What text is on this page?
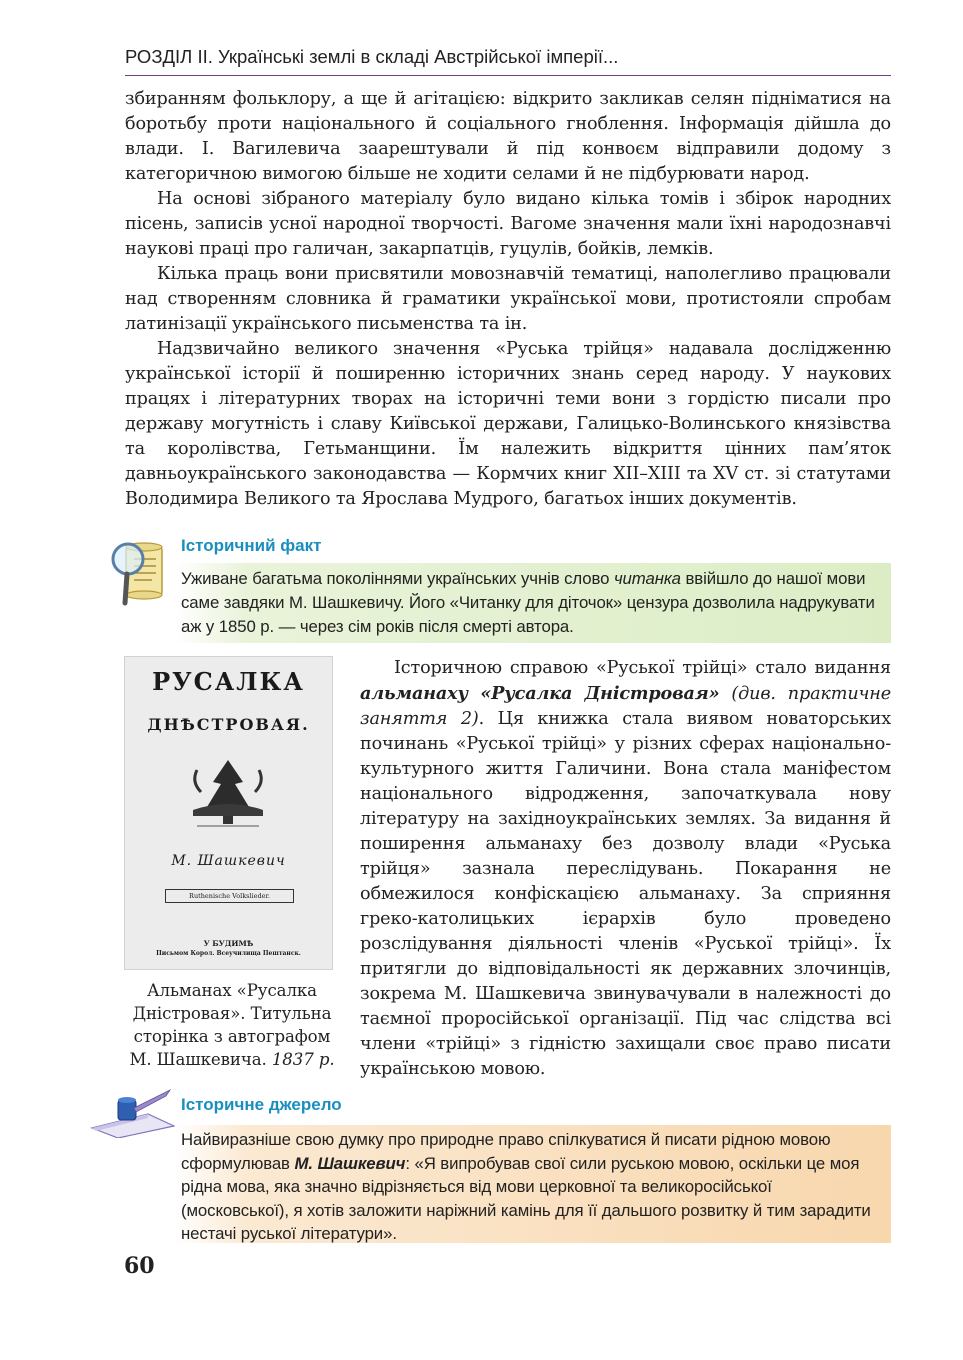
РОЗДІЛ ІІ. Українські землі в складі Австрійської імперії...

збиранням фольклору, а ще й агітацією: відкрито закликав селян підніматися на боротьбу проти національного й соціального гноблення. Інформація дійшла до влади. І. Вагилевича заарештували й під конвоєм відправили додому з категоричною вимогою більше не ходити селами й не підбурювати народ.

На основі зібраного матеріалу було видано кілька томів і збірок народних пісень, записів усної народної творчості. Вагоме значення мали їхні народознавчі наукові праці про галичан, закарпатців, гуцулів, бойків, лемків.

Кілька праць вони присвятили мовознавчій тематиці, наполегливо працювали над створенням словника й граматики української мови, протистояли спробам латинізації українського письменства та ін.

Надзвичайно великого значення «Руська трійця» надавала дослідженню української історії й поширенню історичних знань серед народу. У наукових працях і літературних творах на історичні теми вони з гордістю писали про державу могутність і славу Київської держави, Галицько-Волинського князівства та королівства, Гетьманщини. Їм належить відкриття цінних пам’яток давньоукраїнського законодавства — Кормчих книг XII–XIII та XV ст. зі статутами Володимира Великого та Ярослава Мудрого, багатьох інших документів.

Історичний факт
Уживане багатьма поколіннями українських учнів слово читанка ввійшло до нашої мови саме завдяки М. Шашкевичу. Його «Читанку для діточок» цензура дозволила надрукувати аж у 1850 р. — через сім років після смерті автора.
РУСАЛКА
ДНѢСТРОВАЯ.
М. Шашкевич
Ruthenische Volkslieder.
У БУДИМѢ
Письмом Корол. Всеучилища Пештанск.
Альманах «Русалка Дністровая». Титульна сторінка з автографом М. Шашкевича. 1837 р.

Історичною справою «Руської трійці» стало видання альманаху «Русалка Дністровая» (див. практичне заняття 2). Ця книжка стала виявом новаторських починань «Руської трійці» у різних сферах національно-культурного життя Галичини. Вона стала маніфестом національного відродження, започаткувала нову літературу на західноукраїнських землях. За видання й поширення альманаху без дозволу влади «Руська трійця» зазнала переслідувань. Покарання не обмежилося конфіскацією альманаху. За сприяння греко-католицьких ієрархів було проведено розслідування діяльності членів «Руської трійці». Їх притягли до відповідальності як державних злочинців, зокрема М. Шашкевича звинувачували в належності до таємної проросійської організації. Під час слідства всі члени «трійці» з гідністю захищали своє право писати українською мовою.

Історичне джерело
Найвиразніше свою думку про природне право спілкуватися й писати рідною мовою сформулював М. Шашкевич: «Я випробував свої сили руською мовою, оскільки це моя рідна мова, яка значно відрізняється від мови церковної та великоросійської (московської), я хотів заложити наріжний камінь для її дальшого розвитку й тим зарадити нестачі руської літератури».
60
